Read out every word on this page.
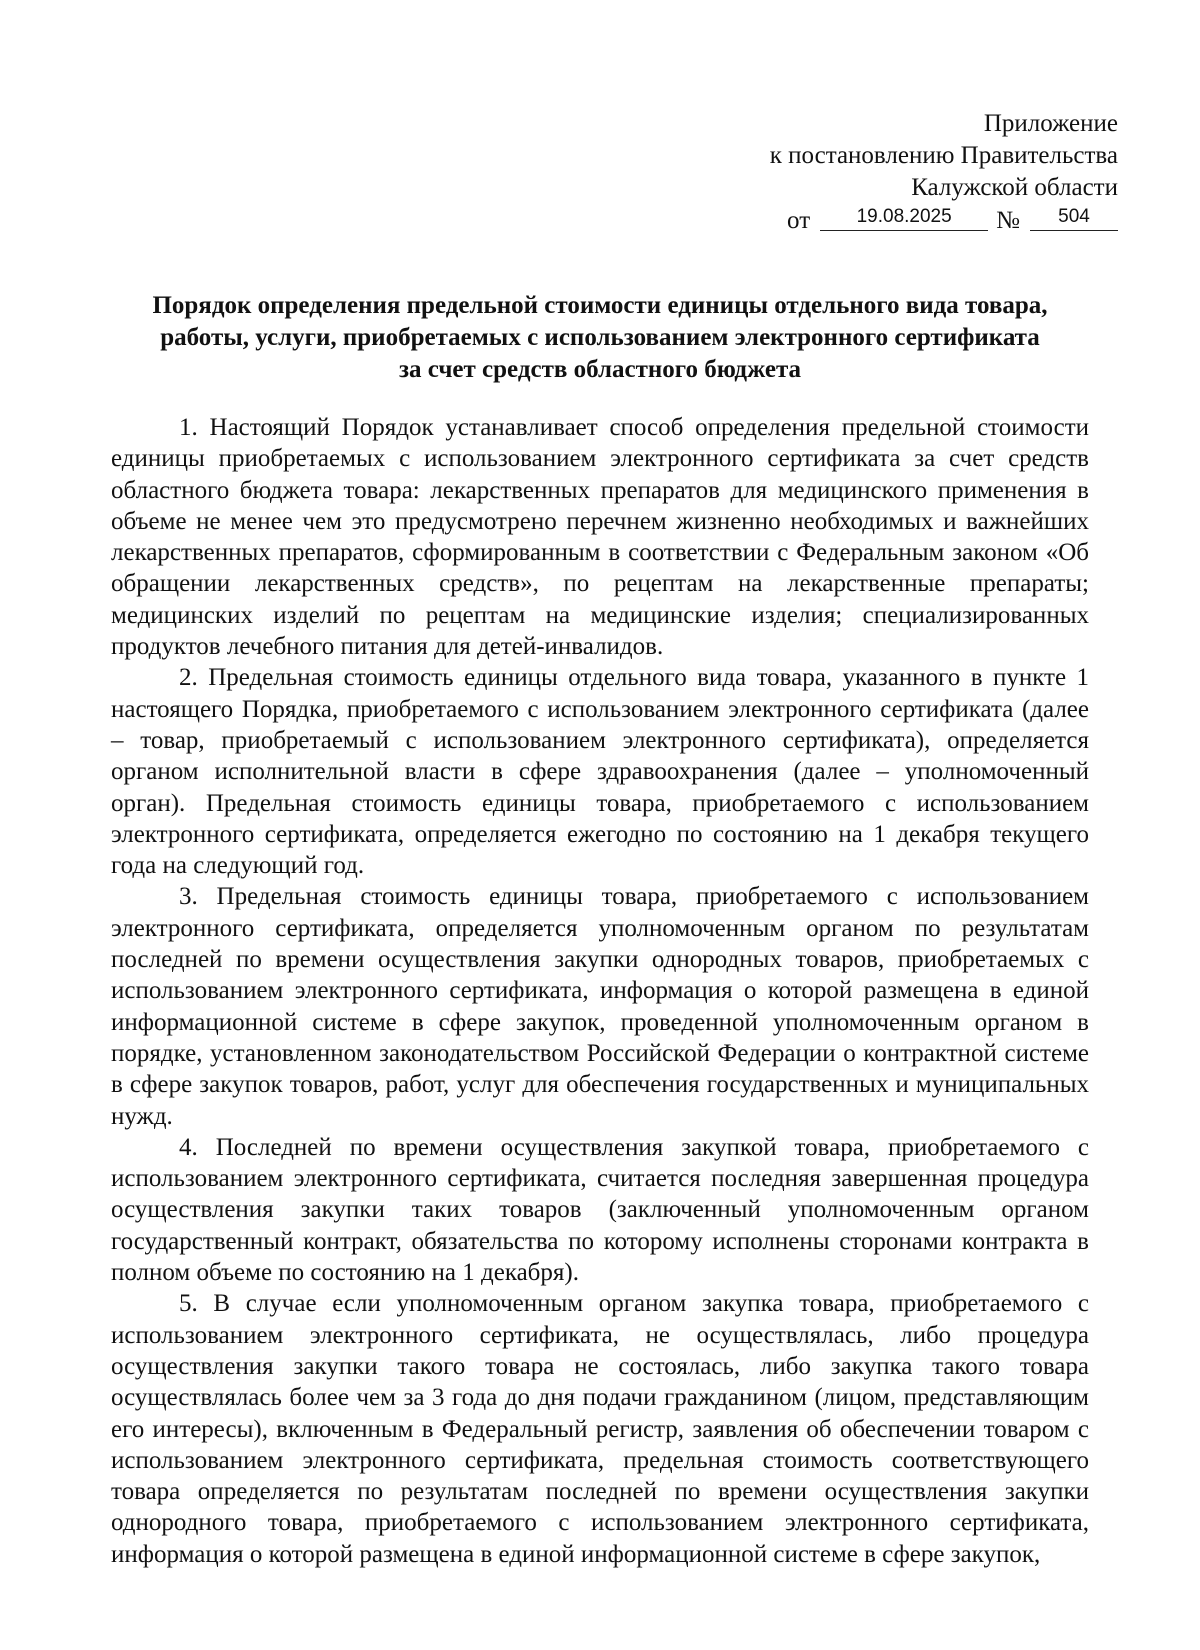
Приложение
к постановлению Правительства
Калужской области
от	19.08.2025	№	504
Порядок определения предельной стоимости единицы отдельного вида товара,
работы, услуги, приобретаемых с использованием электронного сертификата
за счет средств областного бюджета

1. Настоящий Порядок устанавливает способ определения предельной стоимости единицы приобретаемых с использованием электронного сертификата за счет средств областного бюджета товара: лекарственных препаратов для медицинского применения в объеме не менее чем это предусмотрено перечнем жизненно необходимых и важнейших лекарственных препаратов, сформированным в соответствии с Федеральным законом «Об обращении лекарственных средств», по рецептам на лекарственные препараты; медицинских изделий по рецептам на медицинские изделия; специализированных продуктов лечебного питания для детей-инвалидов.

2. Предельная стоимость единицы отдельного вида товара, указанного в пункте 1 настоящего Порядка, приобретаемого с использованием электронного сертификата (далее – товар, приобретаемый с использованием электронного сертификата), определяется органом исполнительной власти в сфере здравоохранения (далее – уполномоченный орган). Предельная стоимость единицы товара, приобретаемого с использованием электронного сертификата, определяется ежегодно по состоянию на 1 декабря текущего года на следующий год.

3. Предельная стоимость единицы товара, приобретаемого с использованием электронного сертификата, определяется уполномоченным органом по результатам последней по времени осуществления закупки однородных товаров, приобретаемых с использованием электронного сертификата, информация о которой размещена в единой информационной системе в сфере закупок, проведенной уполномоченным органом в порядке, установленном законодательством Российской Федерации о контрактной системе в сфере закупок товаров, работ, услуг для обеспечения государственных и муниципальных нужд.

4. Последней по времени осуществления закупкой товара, приобретаемого с использованием электронного сертификата, считается последняя завершенная процедура осуществления закупки таких товаров (заключенный уполномоченным органом государственный контракт, обязательства по которому исполнены сторонами контракта в полном объеме по состоянию на 1 декабря).

5. В случае если уполномоченным органом закупка товара, приобретаемого с использованием электронного сертификата, не осуществлялась, либо процедура осуществления закупки такого товара не состоялась, либо закупка такого товара осуществлялась более чем за 3 года до дня подачи гражданином (лицом, представляющим его интересы), включенным в Федеральный регистр, заявления об обеспечении товаром с использованием электронного сертификата, предельная стоимость соответствующего товара определяется по результатам последней по времени осуществления закупки однородного товара, приобретаемого с использованием электронного сертификата, информация о которой размещена в единой информационной системе в сфере закупок,
